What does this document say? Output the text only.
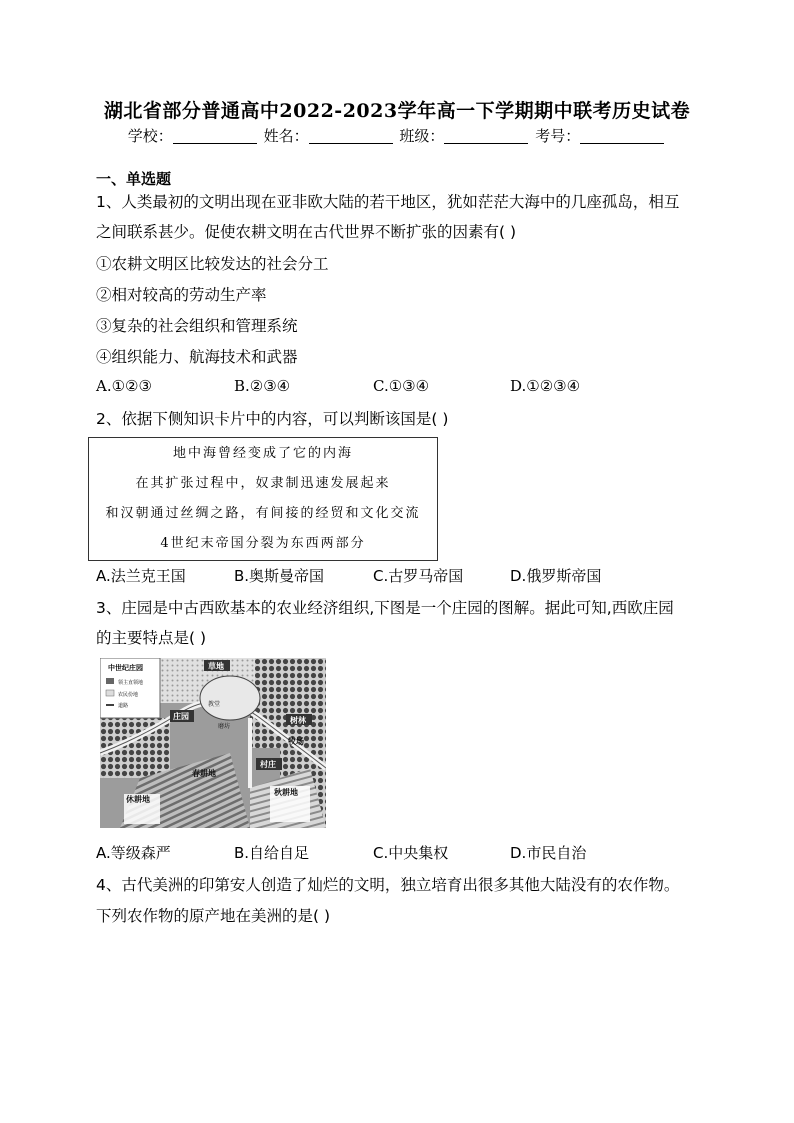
湖北省部分普通高中2022-2023学年高一下学期期中联考历史试卷
学校：	姓名：	班级：	考号：
一、单选题
1、人类最初的文明出现在亚非欧大陆的若干地区，犹如茫茫大海中的几座孤岛，相互
之间联系甚少。促使农耕文明在古代世界不断扩张的因素有( )
①农耕文明区比较发达的社会分工
②相对较高的劳动生产率
③复杂的社会组织和管理系统
④组织能力、航海技术和武器
A.①②③	B.②③④	C.①③④	D.①②③④
2、依据下侧知识卡片中的内容，可以判断该国是( )
地中海曾经变成了它的内海
在其扩张过程中，奴隶制迅速发展起来
和汉朝通过丝绸之路，有间接的经贸和文化交流
4世纪末帝国分裂为东西两部分
A.法兰克王国	B.奥斯曼帝国	C.古罗马帝国	D.俄罗斯帝国
3、庄园是中古西欧基本的农业经济组织,下图是一个庄园的图解。据此可知,西欧庄园
的主要特点是( )
中世纪庄园
领主直领地
农民份地
道路
草地
庄园
教堂
磨坊
树林
牧场
村庄
春耕地
休耕地
秋耕地
A.等级森严	B.自给自足	C.中央集权	D.市民自治
4、古代美洲的印第安人创造了灿烂的文明，独立培育出很多其他大陆没有的农作物。
下列农作物的原产地在美洲的是( )
